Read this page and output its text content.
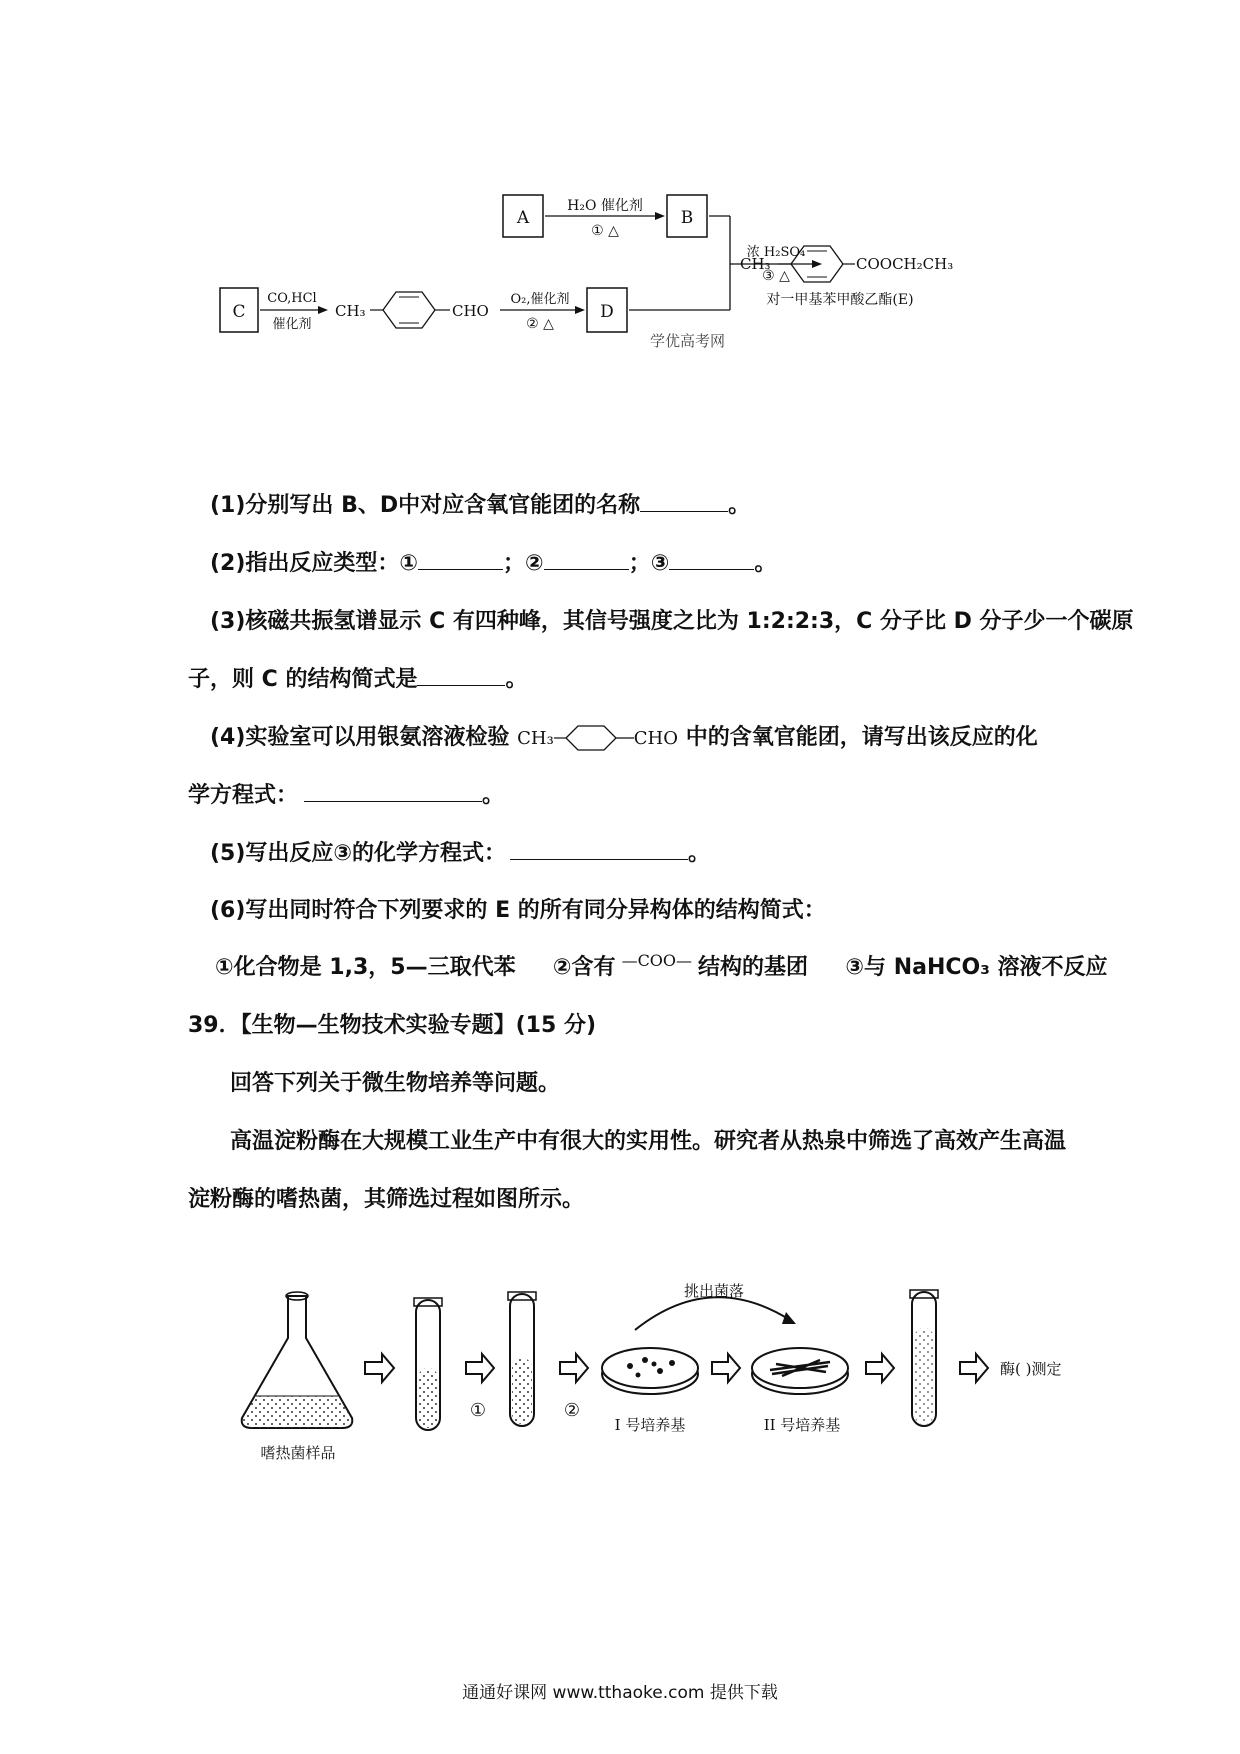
A
H₂O 催化剂
① △
B
C
CO,HCl
催化剂
CH₃	CHO
O₂,催化剂
② △
D
浓 H₂SO₄
③ △
CH₃	COOCH₂CH₃
对一甲基苯甲酸乙酯(E)
学优高考网
(1)分别写出 B、D中对应含氧官能团的名称	。
(2)指出反应类型：①	；②	；③	。
(3)核磁共振氢谱显示 C 有四种峰，其信号强度之比为 1:2:2:3，C 分子比 D 分子少一个碳原
子，则 C 的结构简式是	。
(4)实验室可以用银氨溶液检验 CH₃	CHO 中的含氧官能团，请写出该反应的化
学方程式：	。
(5)写出反应③的化学方程式：	。
(6)写出同时符合下列要求的 E 的所有同分异构体的结构简式：
①化合物是 1,3，5—三取代苯 ②含有 $^{—COO—}$ 结构的基团 ③与 NaHCO₃ 溶液不反应
39．【生物—生物技术实验专题】(15 分)
回答下列关于微生物培养等问题。
高温淀粉酶在大规模工业生产中有很大的实用性。研究者从热泉中筛选了高效产生高温
淀粉酶的嗜热菌，其筛选过程如图所示。
嗜热菌样品
①	②
I 号培养基
挑出菌落
II 号培养基
酶( )测定
通通好课网 www.tthaoke.com 提供下载
